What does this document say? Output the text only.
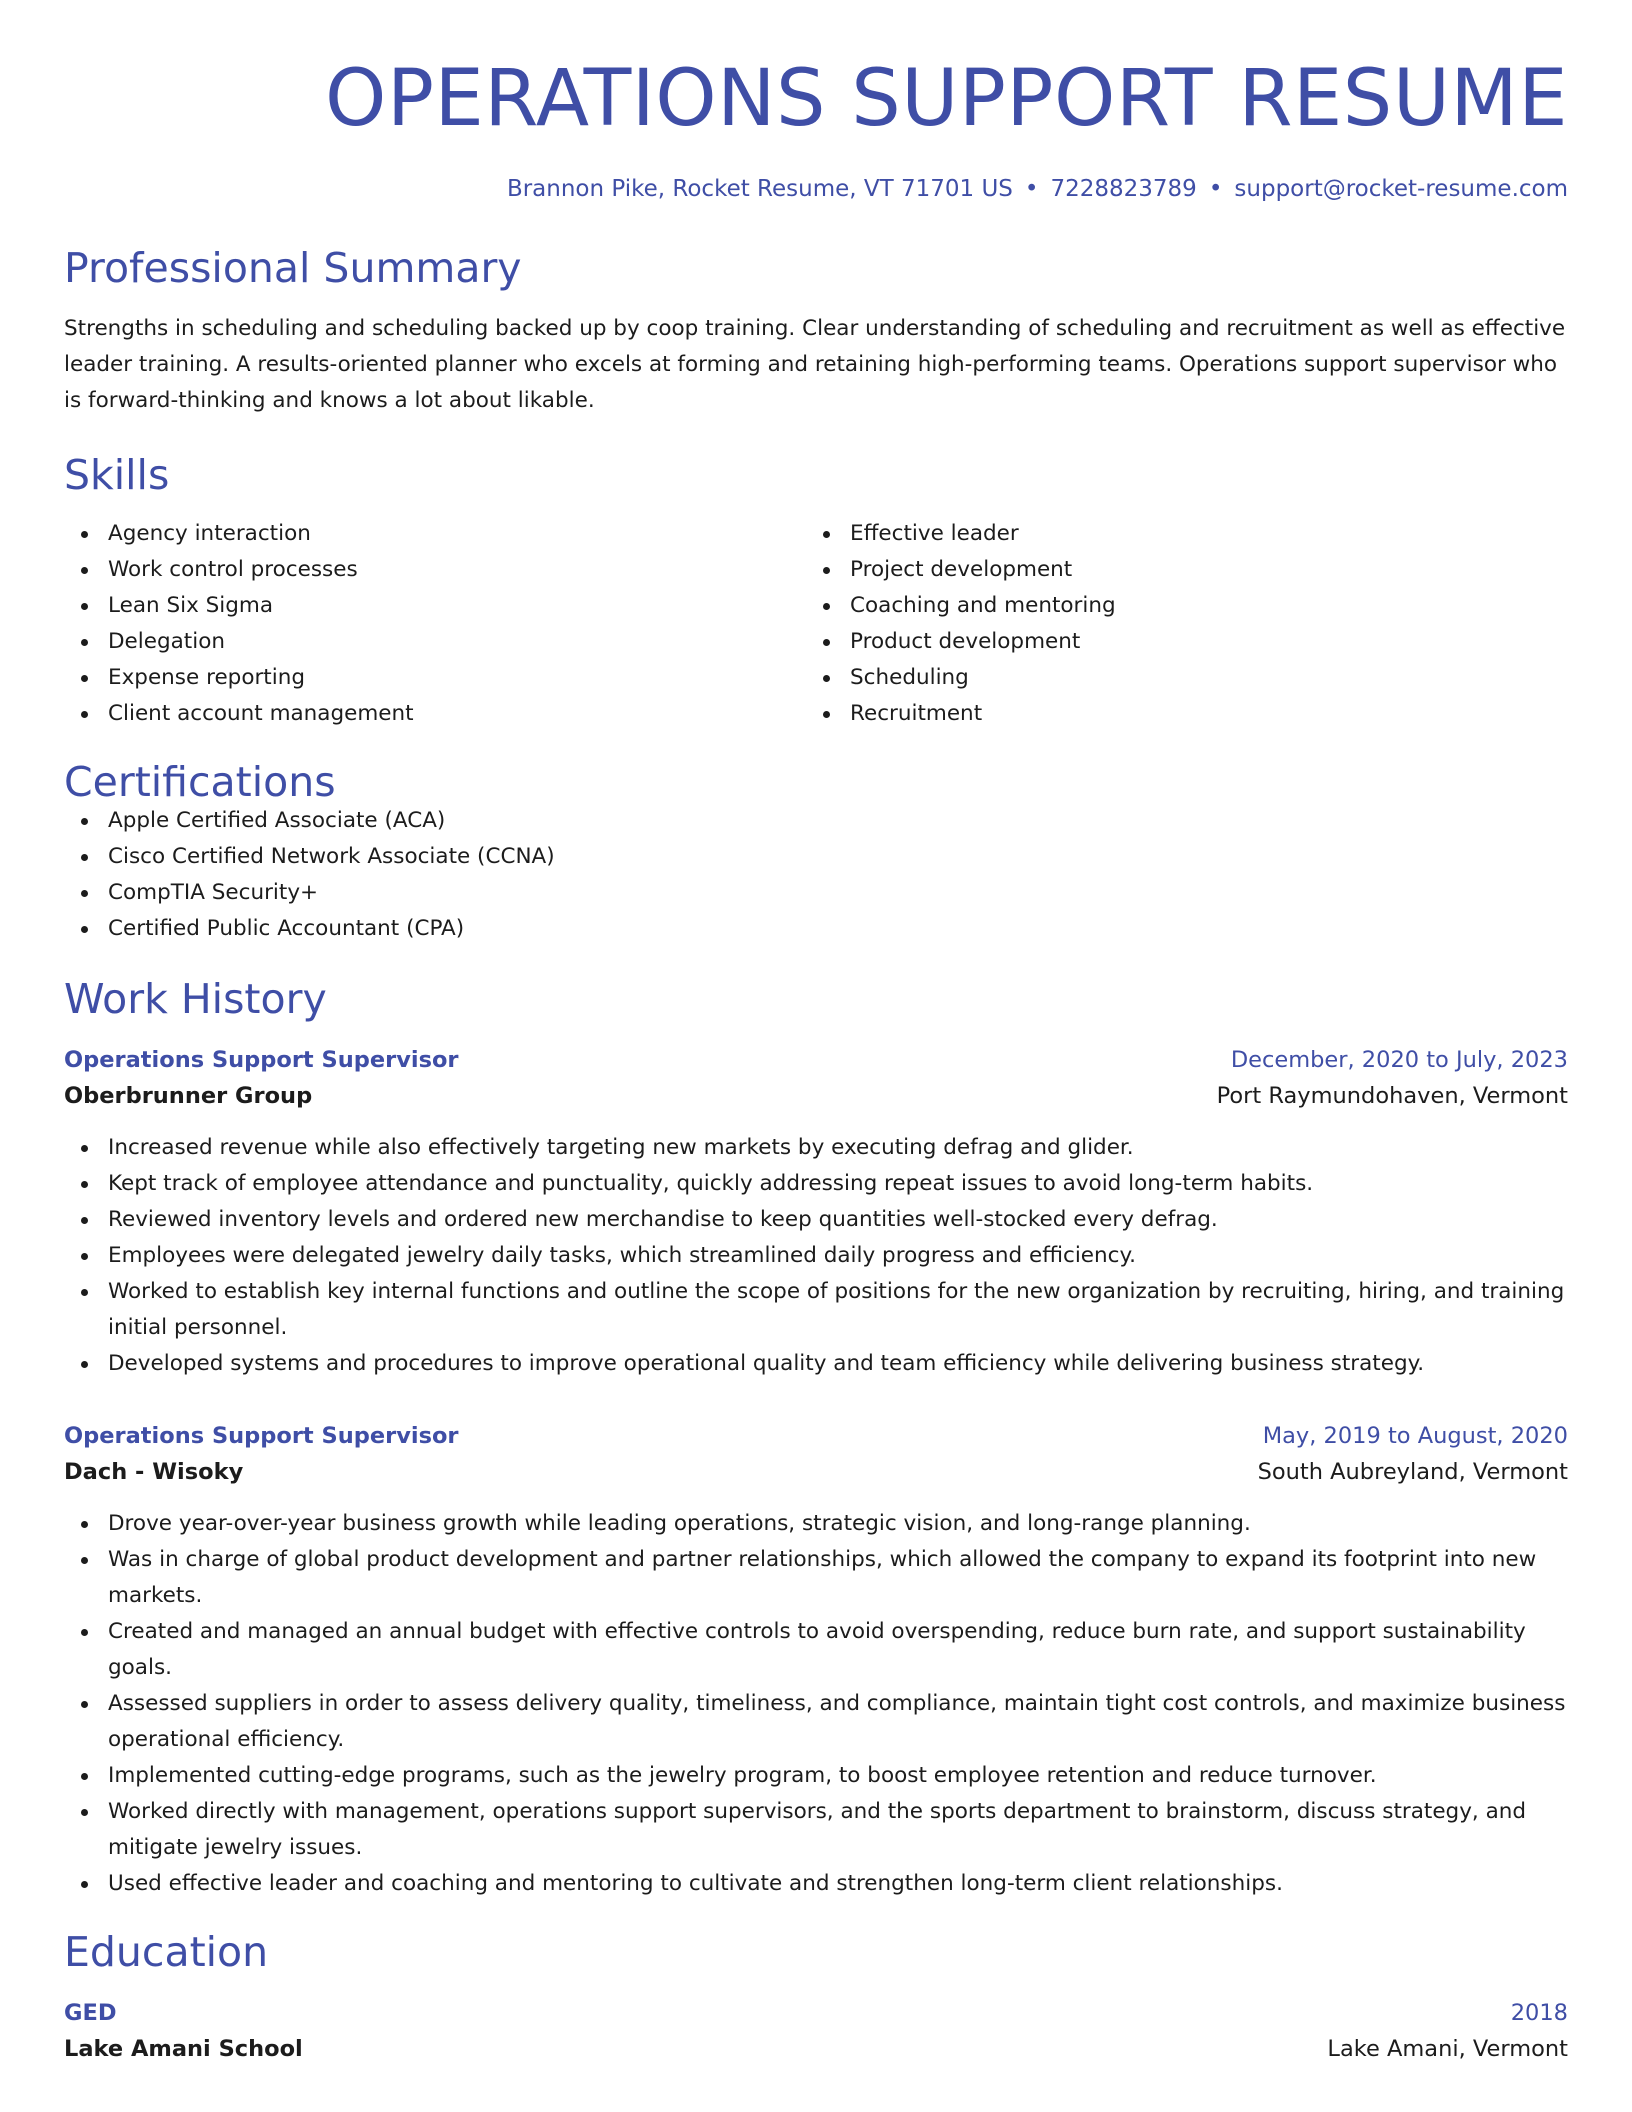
OPERATIONS SUPPORT RESUME
Brannon Pike, Rocket Resume, VT 71701 US • 7228823789 • support@rocket-resume.com
Professional Summary
Strengths in scheduling and scheduling backed up by coop training. Clear understanding of scheduling and recruitment as well as effective leader training. A results-oriented planner who excels at forming and retaining high-performing teams. Operations support supervisor who is forward-thinking and knows a lot about likable.
Skills
Agency interaction
Work control processes
Lean Six Sigma
Delegation
Expense reporting
Client account management
Effective leader
Project development
Coaching and mentoring
Product development
Scheduling
Recruitment
Certifications
Apple Certified Associate (ACA)
Cisco Certified Network Associate (CCNA)
CompTIA Security+
Certified Public Accountant (CPA)
Work History
Operations Support Supervisor	December, 2020 to July, 2023
Oberbrunner Group	Port Raymundohaven, Vermont
Increased revenue while also effectively targeting new markets by executing defrag and glider.
Kept track of employee attendance and punctuality, quickly addressing repeat issues to avoid long-term habits.
Reviewed inventory levels and ordered new merchandise to keep quantities well-stocked every defrag.
Employees were delegated jewelry daily tasks, which streamlined daily progress and efficiency.
Worked to establish key internal functions and outline the scope of positions for the new organization by recruiting, hiring, and training initial personnel.
Developed systems and procedures to improve operational quality and team efficiency while delivering business strategy.
Operations Support Supervisor	May, 2019 to August, 2020
Dach - Wisoky	South Aubreyland, Vermont
Drove year-over-year business growth while leading operations, strategic vision, and long-range planning.
Was in charge of global product development and partner relationships, which allowed the company to expand its footprint into new markets.
Created and managed an annual budget with effective controls to avoid overspending, reduce burn rate, and support sustainability goals.
Assessed suppliers in order to assess delivery quality, timeliness, and compliance, maintain tight cost controls, and maximize business operational efficiency.
Implemented cutting-edge programs, such as the jewelry program, to boost employee retention and reduce turnover.
Worked directly with management, operations support supervisors, and the sports department to brainstorm, discuss strategy, and mitigate jewelry issues.
Used effective leader and coaching and mentoring to cultivate and strengthen long-term client relationships.
Education
GED	2018
Lake Amani School	Lake Amani, Vermont
